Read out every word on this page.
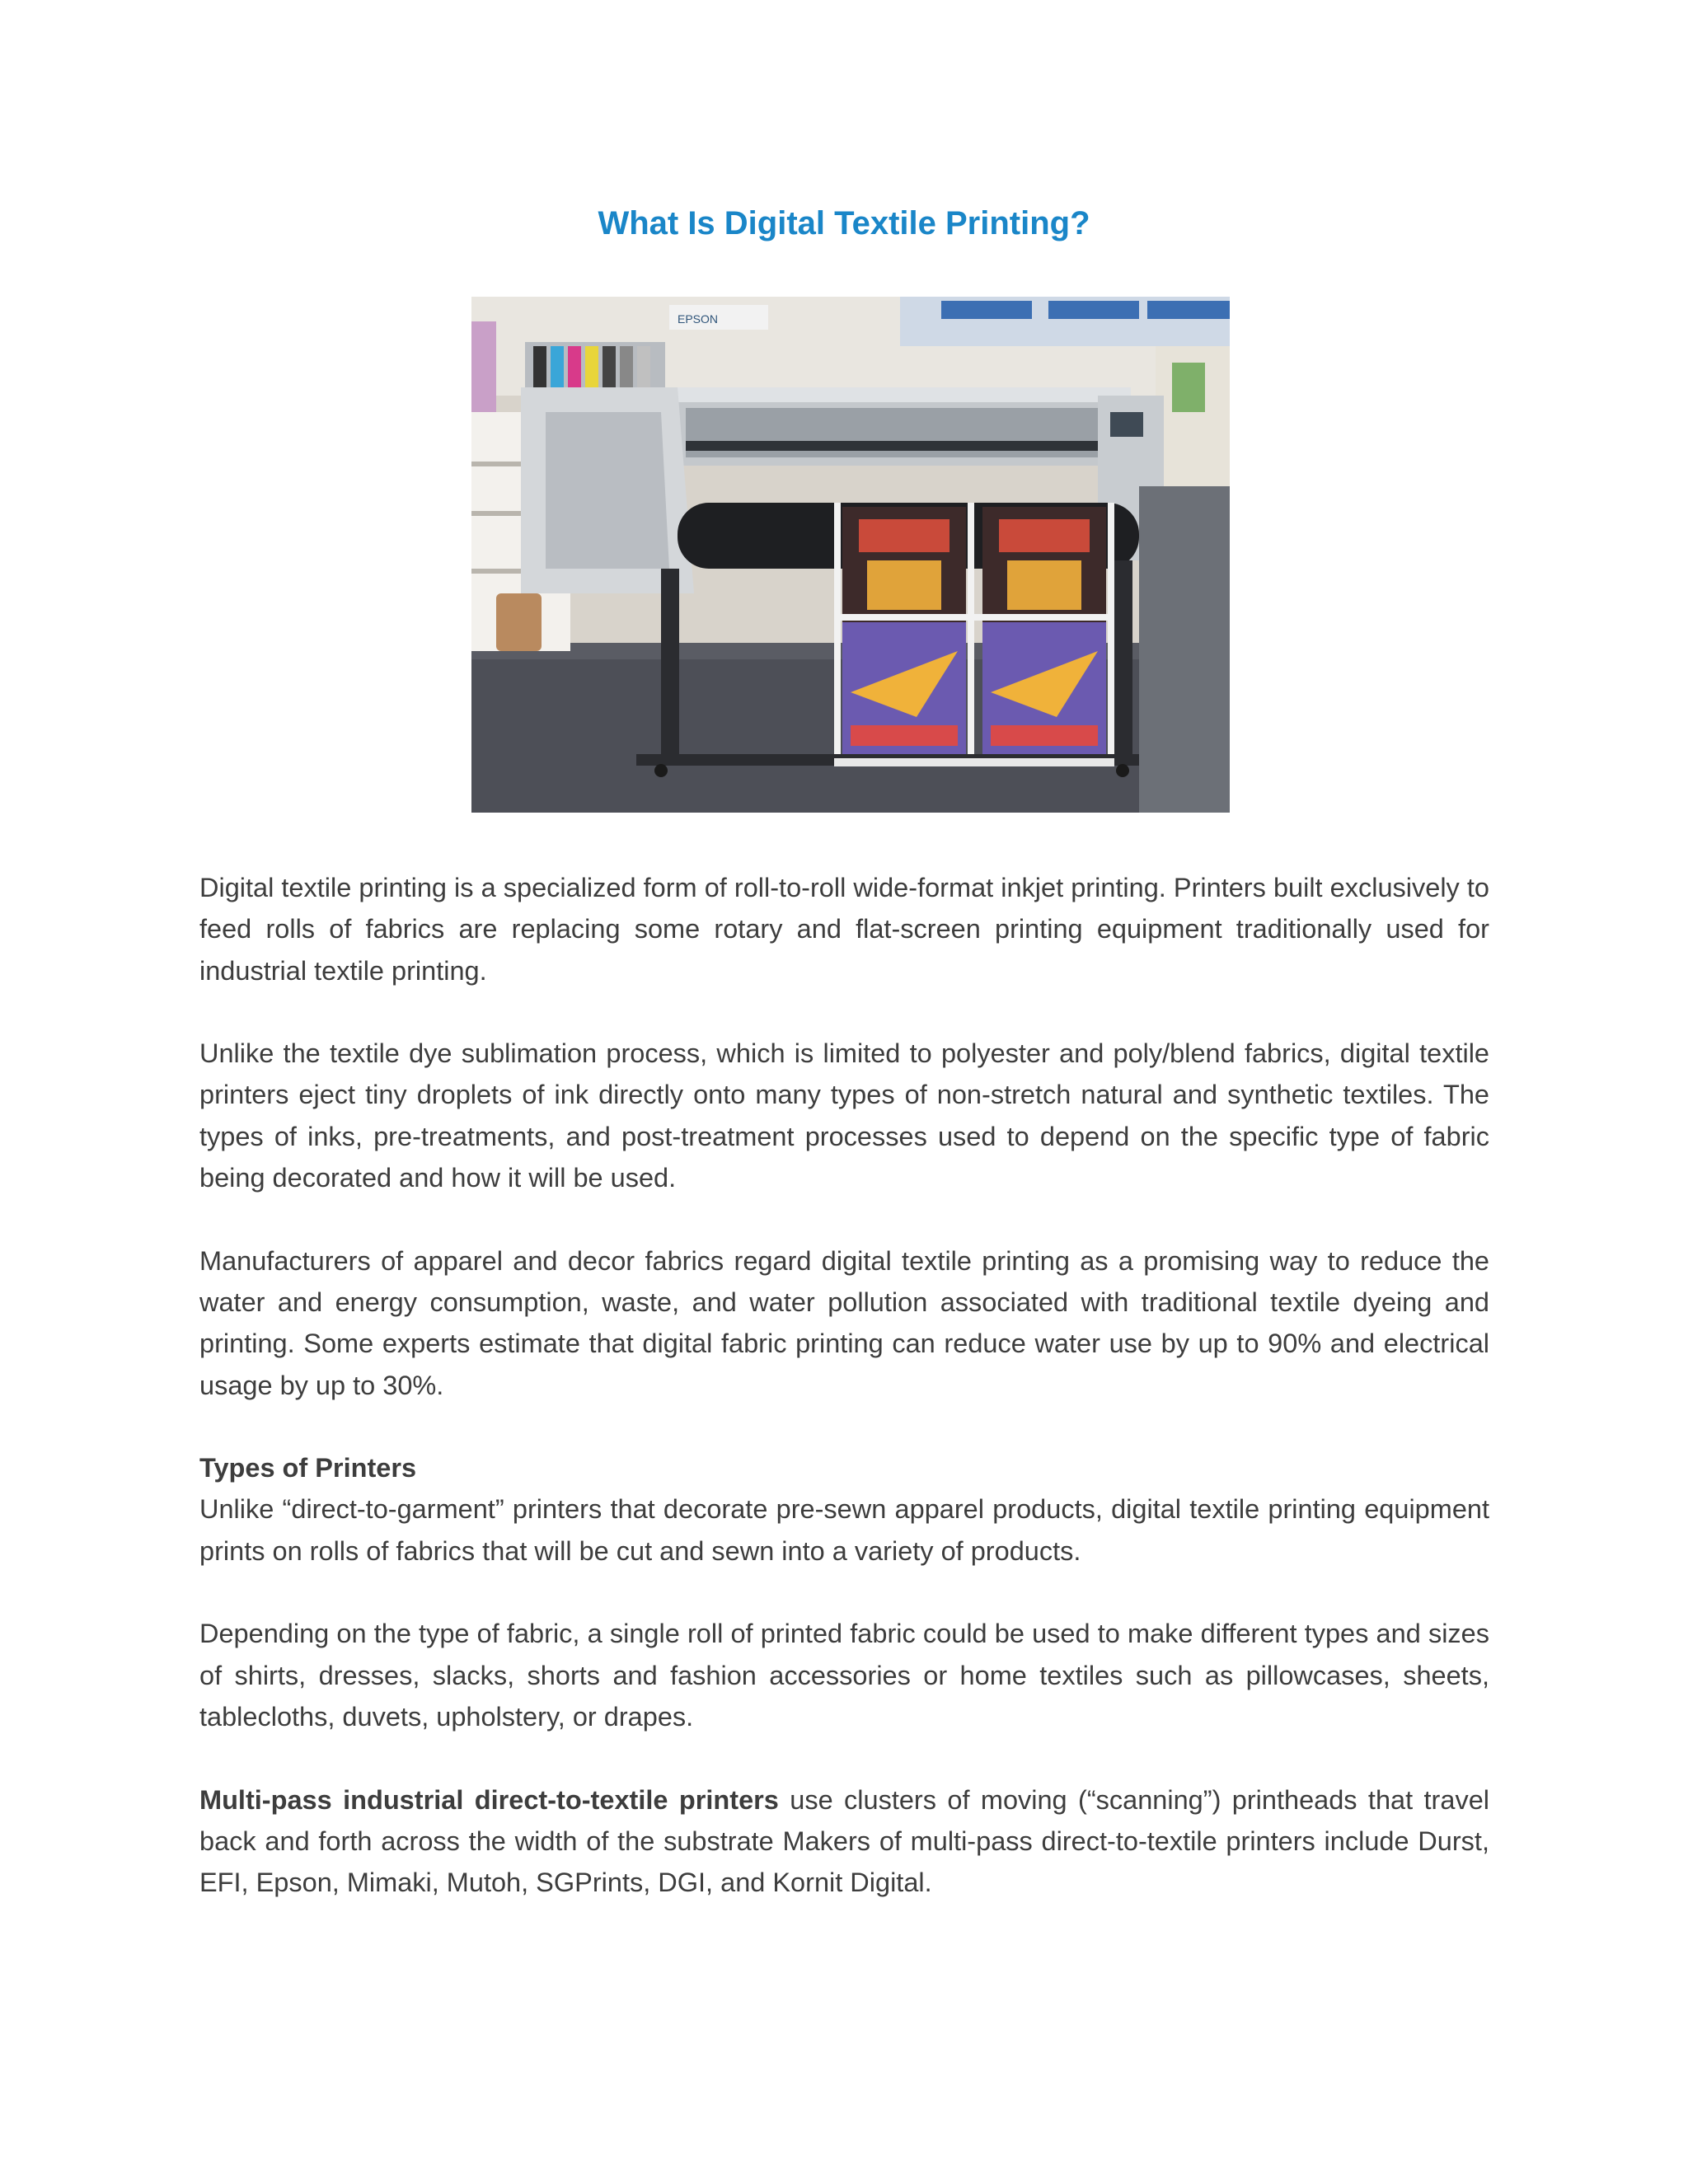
What Is Digital Textile Printing?
EPSON

Digital textile printing is a specialized form of roll-to-roll wide-format inkjet printing. Printers built exclusively to feed rolls of fabrics are replacing some rotary and flat-screen printing equipment traditionally used for industrial textile printing.

Unlike the textile dye sublimation process, which is limited to polyester and poly/blend fabrics, digital textile printers eject tiny droplets of ink directly onto many types of non-stretch natural and synthetic textiles. The types of inks, pre-treatments, and post-treatment processes used to depend on the specific type of fabric being decorated and how it will be used.

Manufacturers of apparel and decor fabrics regard digital textile printing as a promising way to reduce the water and energy consumption, waste, and water pollution associated with traditional textile dyeing and printing. Some experts estimate that digital fabric printing can reduce water use by up to 90% and electrical usage by up to 30%.

Types of Printers

Unlike “direct-to-garment” printers that decorate pre-sewn apparel products, digital textile printing equipment prints on rolls of fabrics that will be cut and sewn into a variety of products.

Depending on the type of fabric, a single roll of printed fabric could be used to make different types and sizes of shirts, dresses, slacks, shorts and fashion accessories or home textiles such as pillowcases, sheets, tablecloths, duvets, upholstery, or drapes.

Multi-pass industrial direct-to-textile printers use clusters of moving (“scanning”) printheads that travel back and forth across the width of the substrate Makers of multi-pass direct-to-textile printers include Durst, EFI, Epson, Mimaki, Mutoh, SGPrints, DGI, and Kornit Digital.
